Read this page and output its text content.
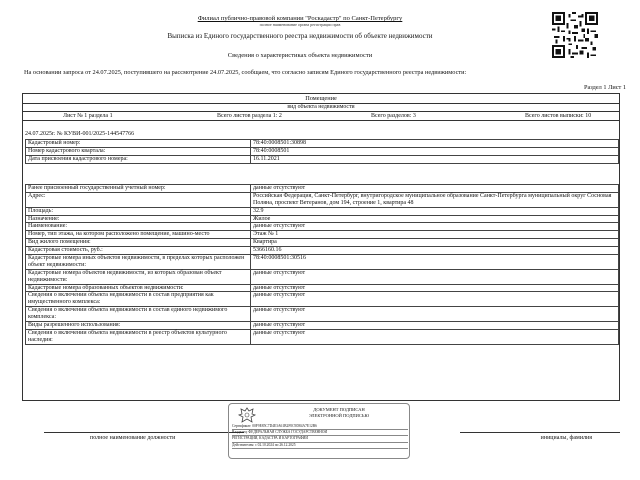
Филиал публично-правовой компании "Роскадастр" по Санкт-Петербургу
полное наименование органа регистрации прав
Выписка из Единого государственного реестра недвижимости об объекте недвижимости
Сведения о характеристиках объекта недвижимости
На основании запроса от 24.07.2025, поступившего на рассмотрение 24.07.2025, сообщаем, что согласно записям Единого государственного реестра недвижимости:
Раздел 1 Лист 1
Помещение
вид объекта недвижимости
Лист № 1 раздела 1	Всего листов раздела 1: 2	Всего разделов: 3	Всего листов выписки: 10
24.07.2025г. № КУВИ-001/2025-144547766
Кадастровый номер:	78:40:0008501:30898
Номер кадастрового квартала:	78:40:0008501
Дата присвоения кадастрового номера:	16.11.2021
Ранее присвоенный государственный учетный номер:	данные отсутствуют
Адрес:	Российская Федерация, Санкт-Петербург, внутригородское муниципальное образование Санкт-Петербурга муниципальный округ Сосновая Поляна, проспект Ветеранов, дом 194, строение 1, квартира 48
Площадь:	32.9
Назначение:	Жилое
Наименование:	данные отсутствуют
Номер, тип этажа, на котором расположено помещение, машино-место	Этаж № 1
Вид жилого помещения:	Квартира
Кадастровая стоимость, руб.:	5366160.16
Кадастровые номера иных объектов недвижимости, в пределах которых расположен объект недвижимости:	78:40:0008501:30516
Кадастровые номера объектов недвижимости, из которых образован объект недвижимости:	данные отсутствуют
Кадастровые номера образованных объектов недвижимости:	данные отсутствуют
Сведения о включении объекта недвижимости в состав предприятия как имущественного комплекса:	данные отсутствуют
Сведения о включении объекта недвижимости в состав единого недвижимого комплекса:	данные отсутствуют
Виды разрешенного использования:	данные отсутствуют
Сведения о включении объекта недвижимости в реестр объектов культурного наследия:	данные отсутствуют
полное наименование должности	инициалы, фамилия
ДОКУМЕНТ ПОДПИСАН
ЭЛЕКТРОННОЙ ПОДПИСЬЮ
Сертификат: 00F9E85C7D4E3A61B2F0C9D84A7E12B6
Владелец: ФЕДЕРАЛЬНАЯ СЛУЖБА ГОСУДАРСТВЕННОЙ
РЕГИСТРАЦИИ, КАДАСТРА И КАРТОГРАФИИ
Действителен: с 02.10.2024 по 26.12.2025
